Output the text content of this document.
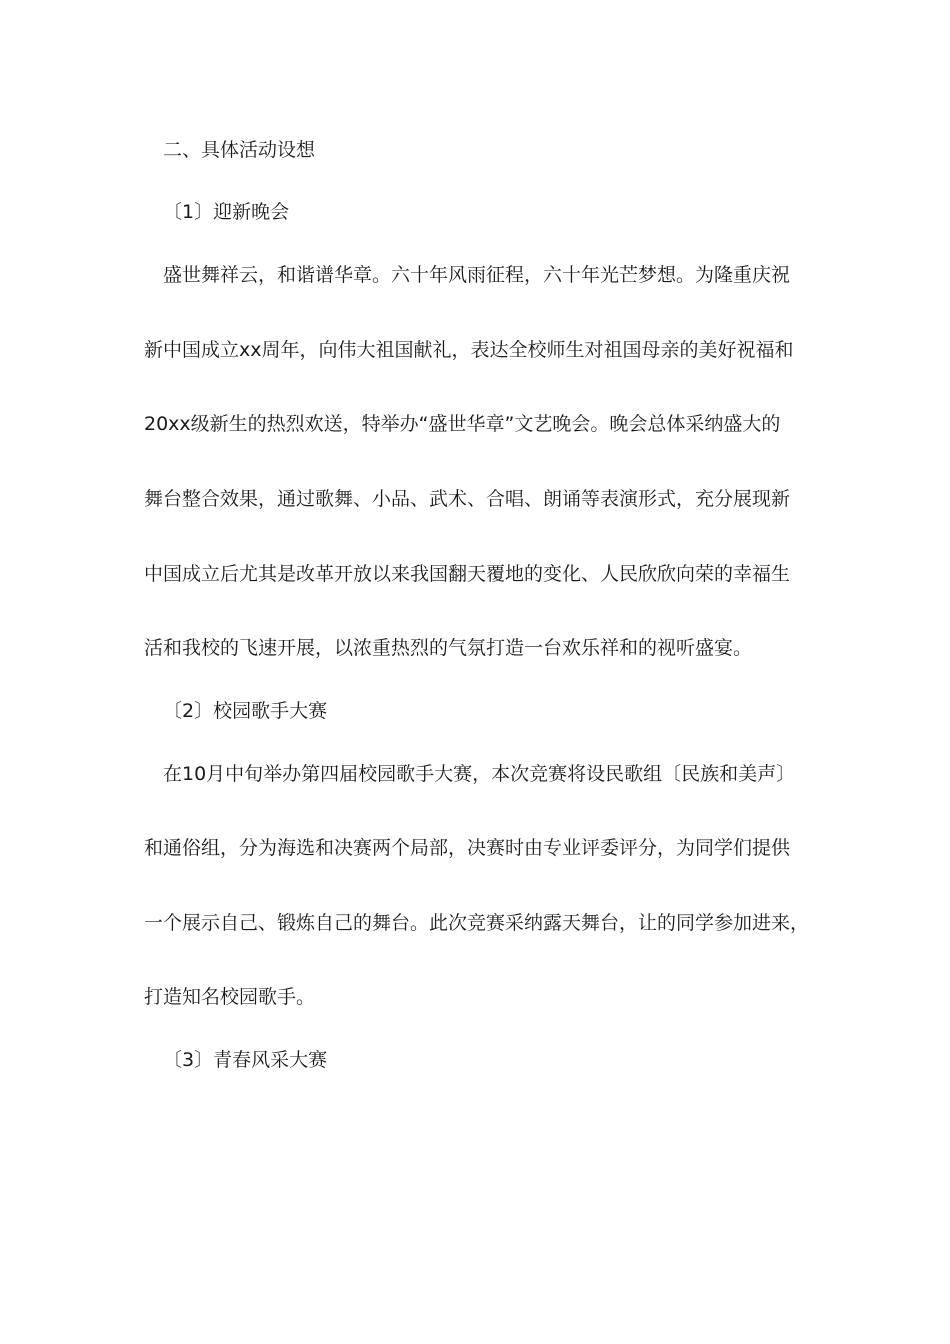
二、具体活动设想
〔1〕迎新晚会
盛世舞祥云，和谐谱华章。六十年风雨征程，六十年光芒梦想。为隆重庆祝
新中国成立xx周年，向伟大祖国献礼，表达全校师生对祖国母亲的美好祝福和
20xx级新生的热烈欢送，特举办“盛世华章”文艺晚会。晚会总体采纳盛大的
舞台整合效果，通过歌舞、小品、武术、合唱、朗诵等表演形式，充分展现新
中国成立后尤其是改革开放以来我国翻天覆地的变化、人民欣欣向荣的幸福生
活和我校的飞速开展，以浓重热烈的气氛打造一台欢乐祥和的视听盛宴。
〔2〕校园歌手大赛
在10月中旬举办第四届校园歌手大赛，本次竞赛将设民歌组〔民族和美声〕
和通俗组，分为海选和决赛两个局部，决赛时由专业评委评分，为同学们提供
一个展示自己、锻炼自己的舞台。此次竞赛采纳露天舞台，让的同学参加进来，
打造知名校园歌手。
〔3〕青春风采大赛
